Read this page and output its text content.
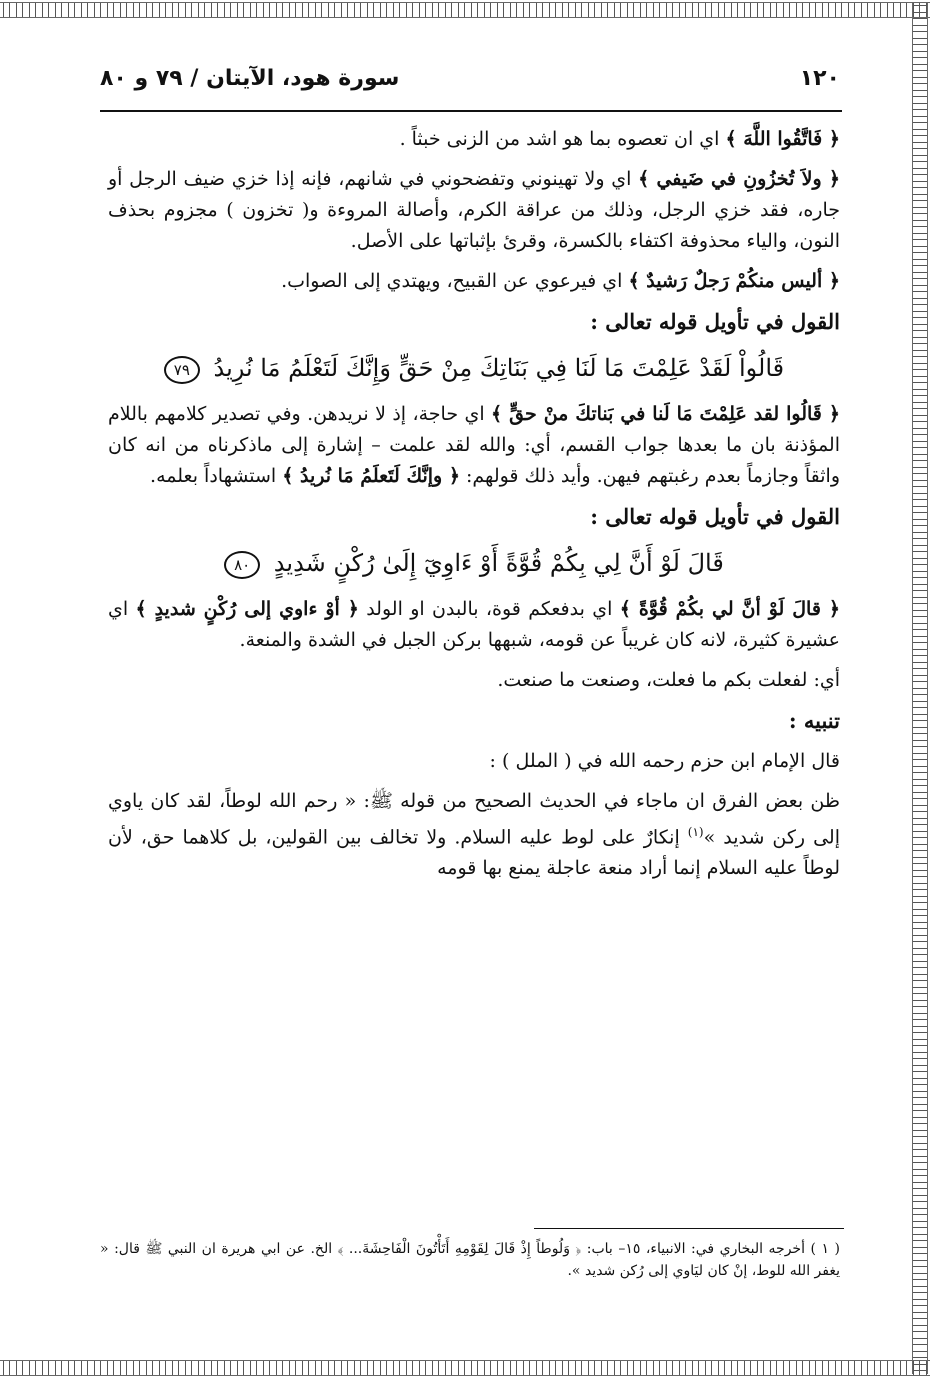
١٢٠
سورة هود، الآيتان / ٧٩ و ٨٠

﴿ فَاتَّقُوا اللَّهَ ﴾ اي ان تعصوه بما هو اشد من الزنى خبثاً .

﴿ ولاَ تُخزُونِ في ضَيفي ﴾ اي ولا تهينوني وتفضحوني في شانهم، فإنه إذا خزي ضيف الرجل أو جاره، فقد خزي الرجل، وذلك من عراقة الكرم، وأصالة المروءة و( تخزون ) مجزوم بحذف النون، والياء محذوفة اكتفاء بالكسرة، وقرئ بإثباتها على الأصل.

﴿ أليس منكُمْ رَجلٌ رَشيدٌ ﴾ اي فيرعوي عن القبيح، ويهتدي إلى الصواب.

القول في تأويل قوله تعالى :
قَالُواْ لَقَدْ عَلِمْتَ مَا لَنَا فِي بَنَاتِكَ مِنْ حَقٍّ وَإِنَّكَ لَتَعْلَمُ مَا نُرِيدُ ٧٩

﴿ قَالُوا لقد عَلِمْتَ مَا لَنا في بَناتكَ منْ حقٍّ ﴾ اي حاجة، إذ لا نريدهن. وفي تصدير كلامهم باللام المؤذنة بان ما بعدها جواب القسم، أي: والله لقد علمت – إشارة إلى ماذكرناه من انه كان واثقاً وجازماً بعدم رغبتهم فيهن. وأيد ذلك قولهم: ﴿ وإنَّكَ لَتَعلَمُ مَا نُريدُ ﴾ استشهاداً بعلمه.

القول في تأويل قوله تعالى :
قَالَ لَوْ أَنَّ لِي بِكُمْ قُوَّةً أَوْ ءَاوِيٓ إِلَىٰ رُكْنٍ شَدِيدٍ ٨٠

﴿ قالَ لَوْ أنَّ لي بكُمْ قُوَّةً ﴾ اي بدفعكم قوة، بالبدن او الولد ﴿ أوْ ءاوي إلى رُكْنٍ شديدٍ ﴾ اي عشيرة كثيرة، لانه كان غريباً عن قومه، شبهها بركن الجبل في الشدة والمنعة.

أي: لفعلت بكم ما فعلت، وصنعت ما صنعت.

تنبيه :

قال الإمام ابن حزم رحمه الله في ( الملل ) :

ظن بعض الفرق ان ماجاء في الحديث الصحيح من قوله ﷺ: « رحم الله لوطاً، لقد كان ياوي إلى ركن شديد »$^{(١)}$ إنكارٌ على لوط عليه السلام. ولا تخالف بين القولين، بل كلاهما حق، لأن لوطاً عليه السلام إنما أراد منعة عاجلة يمنع بها قومه

( ١ ) أخرجه البخاري في: الانبياء، ١٥– باب: ﴿ وَلُوطاً إِذْ قَالَ لِقَوْمِهِ أَتَأْتُونَ الْفَاحِشَةَ... ﴾ الخ. عن ابي هريرة ان النبي ﷺ قال: « يغفر الله للوط، إنْ كان ليَاوي إلى رُكن شديد ».
